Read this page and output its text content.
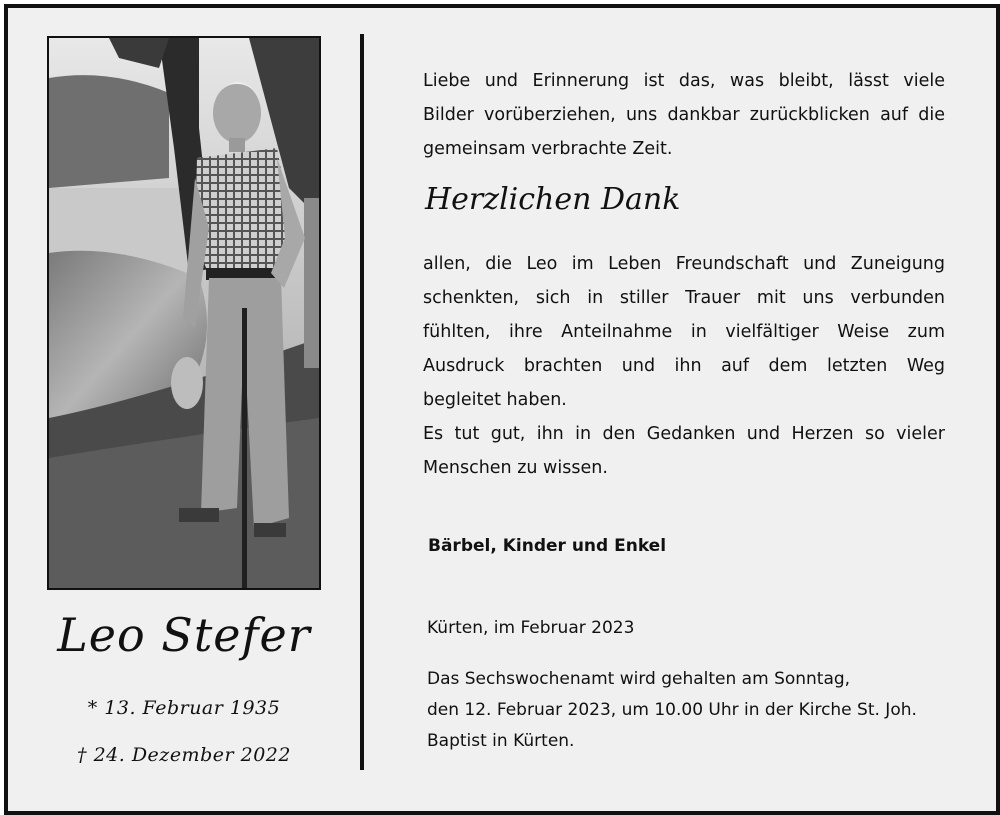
Leo Stefer
* 13. Februar 1935
† 24. Dezember 2022
Liebe und Erinnerung ist das, was bleibt, lässt viele
Bilder vorüberziehen, uns dankbar zurückblicken auf die
gemeinsam verbrachte Zeit.
Herzlichen Dank
allen, die Leo im Leben Freundschaft und Zuneigung
schenkten, sich in stiller Trauer mit uns verbunden
fühlten, ihre Anteilnahme in vielfältiger Weise zum
Ausdruck brachten und ihn auf dem letzten Weg
begleitet haben.
Es tut gut, ihn in den Gedanken und Herzen so vieler
Menschen zu wissen.
Bärbel, Kinder und Enkel
Kürten, im Februar 2023
Das Sechswochenamt wird gehalten am Sonntag,
den 12. Februar 2023, um 10.00 Uhr in der Kirche St. Joh.
Baptist in Kürten.
